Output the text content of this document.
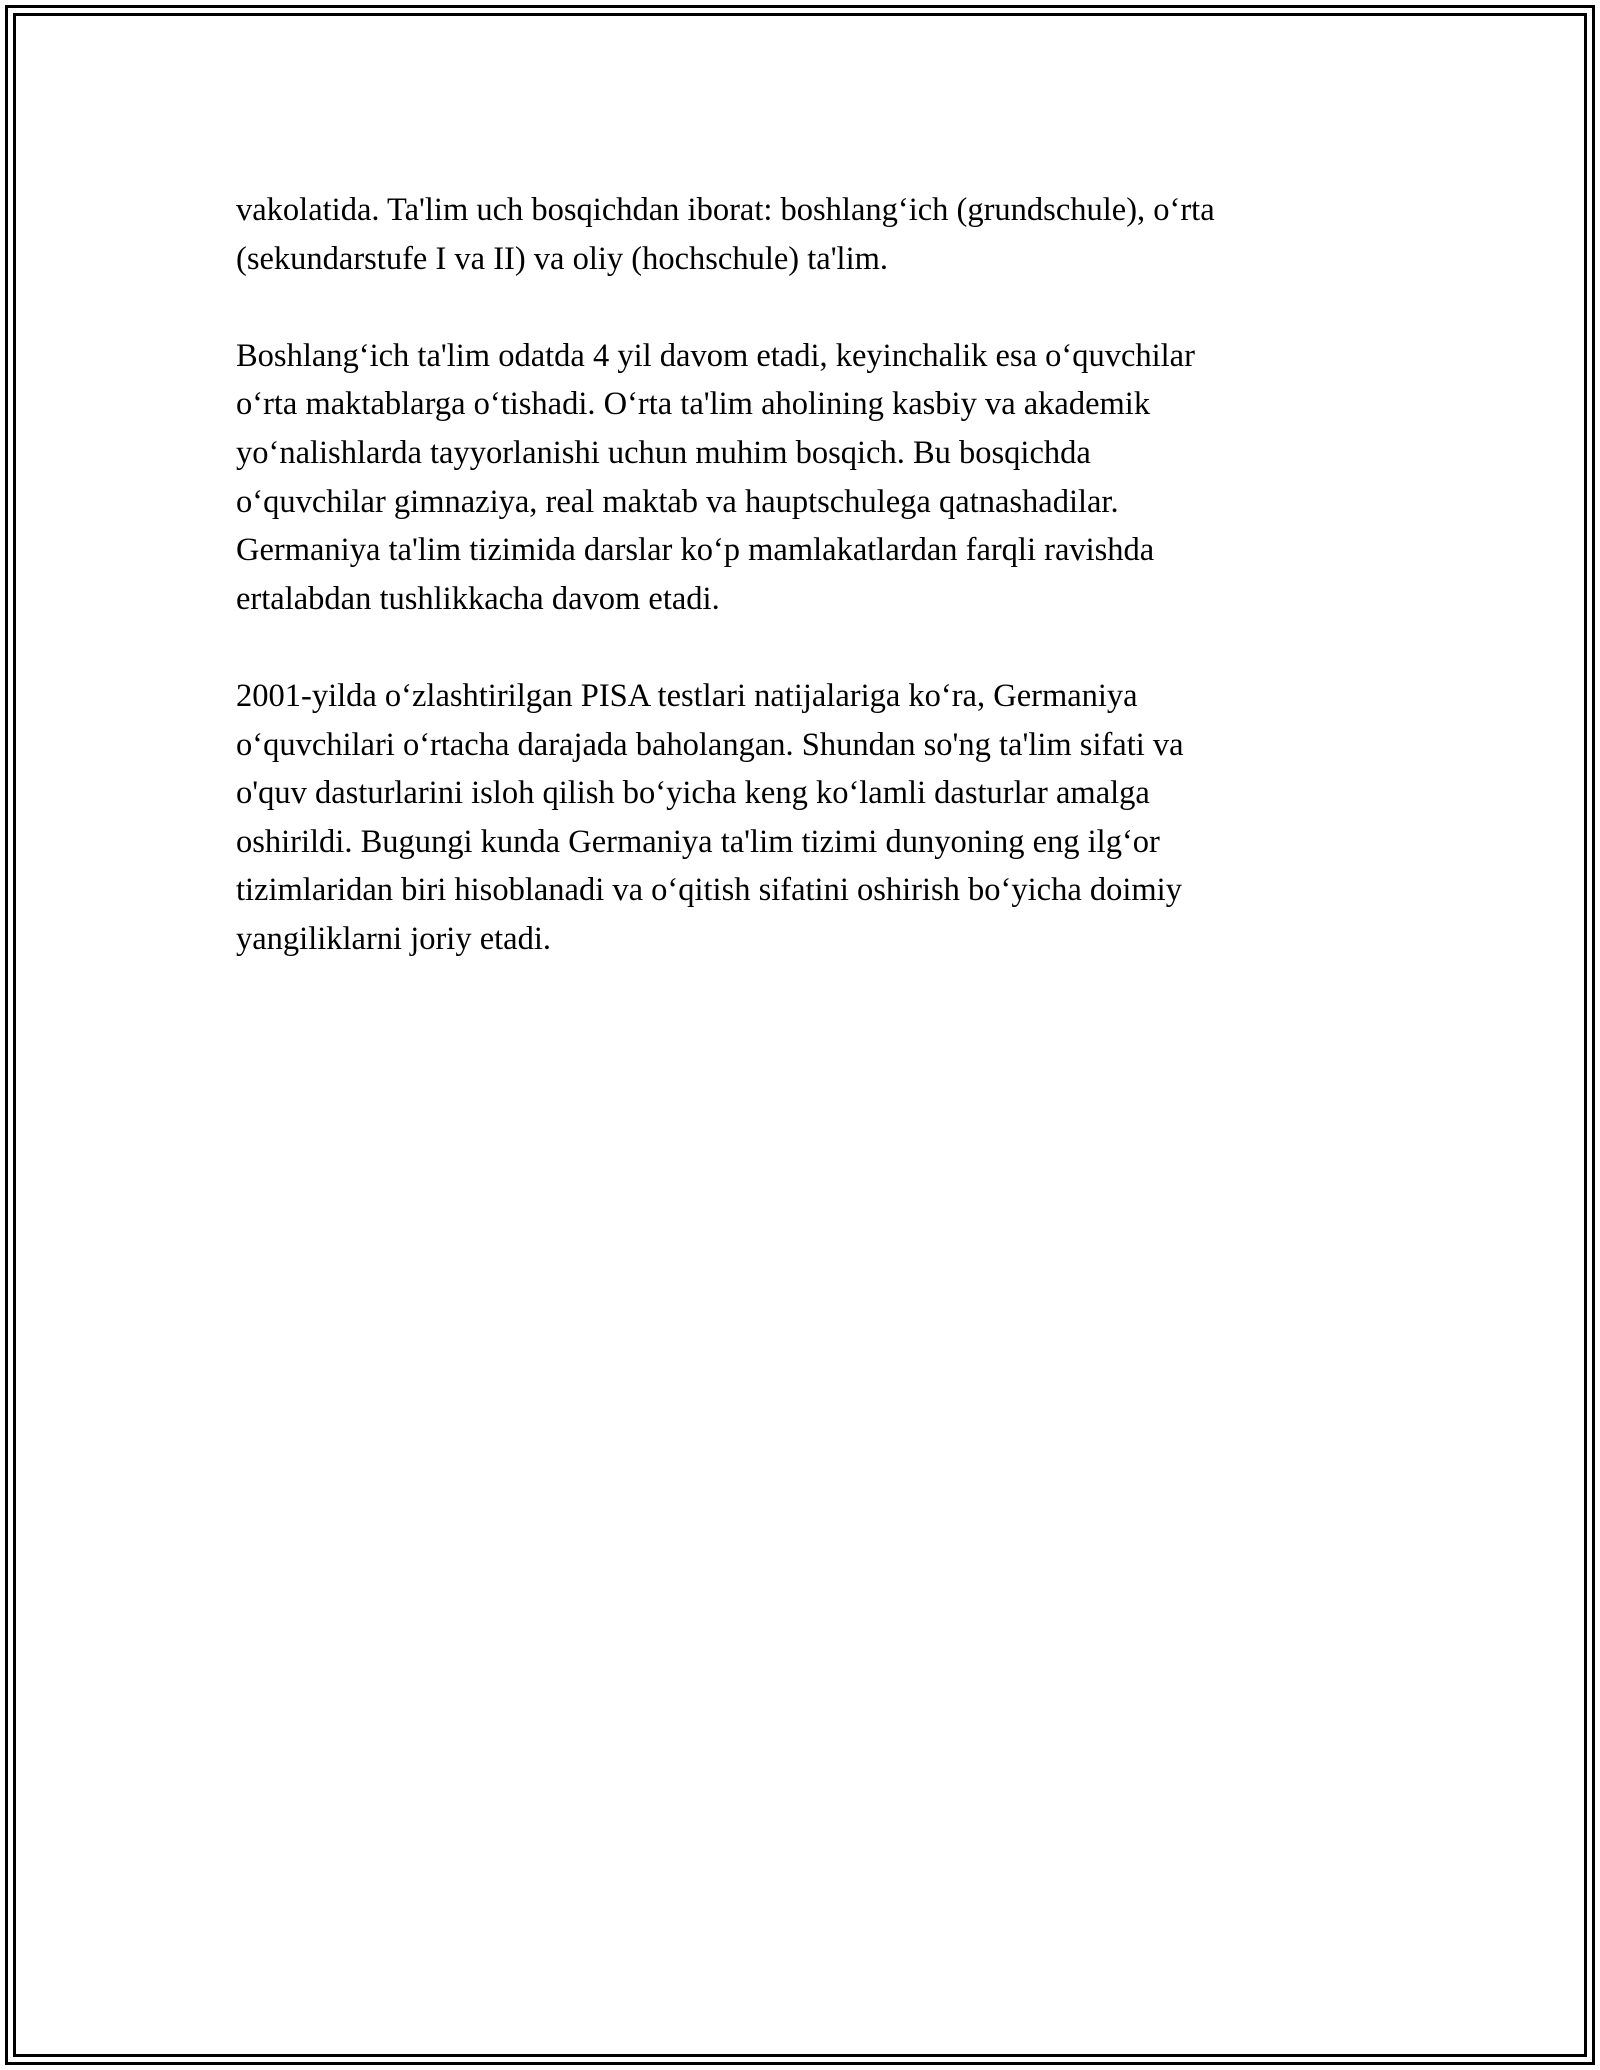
vakolatida. Ta'lim uch bosqichdan iborat: boshlang‘ich (grundschule), o‘rta
(sekundarstufe I va II) va oliy (hochschule) ta'lim.

Boshlang‘ich ta'lim odatda 4 yil davom etadi, keyinchalik esa o‘quvchilar
o‘rta maktablarga o‘tishadi. O‘rta ta'lim aholining kasbiy va akademik
yo‘nalishlarda tayyorlanishi uchun muhim bosqich. Bu bosqichda
o‘quvchilar gimnaziya, real maktab va hauptschulega qatnashadilar.
Germaniya ta'lim tizimida darslar ko‘p mamlakatlardan farqli ravishda
ertalabdan tushlikkacha davom etadi.

2001-yilda o‘zlashtirilgan PISA testlari natijalariga ko‘ra, Germaniya
o‘quvchilari o‘rtacha darajada baholangan. Shundan so'ng ta'lim sifati va
o'quv dasturlarini isloh qilish bo‘yicha keng ko‘lamli dasturlar amalga
oshirildi. Bugungi kunda Germaniya ta'lim tizimi dunyoning eng ilg‘or
tizimlaridan biri hisoblanadi va o‘qitish sifatini oshirish bo‘yicha doimiy
yangiliklarni joriy etadi.
